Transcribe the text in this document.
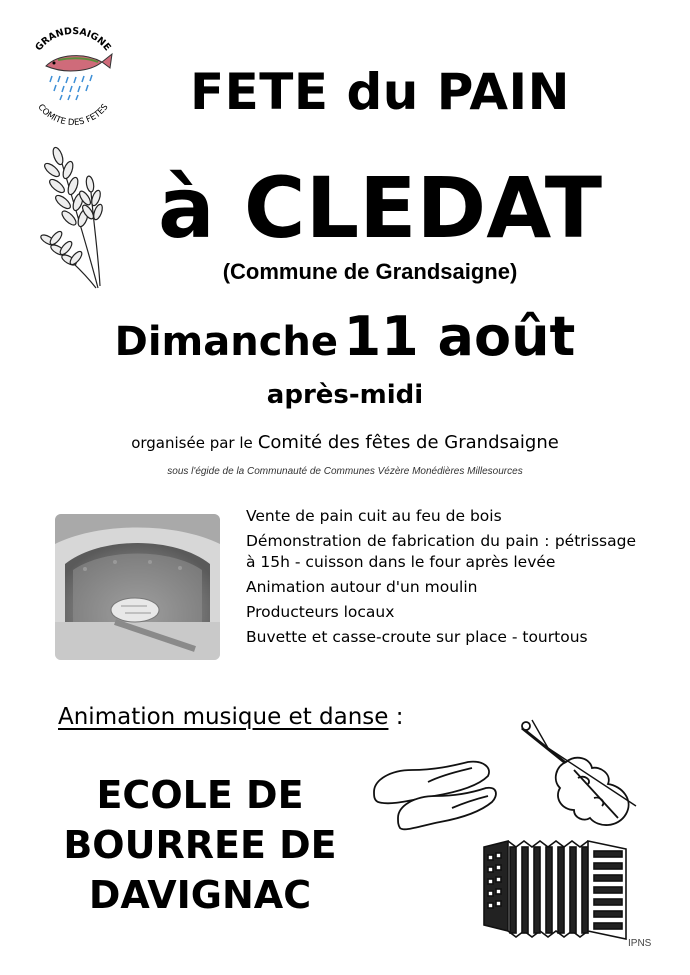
GRANDSAIGNE
COMITE DES FETES	FETE du PAIN
à CLEDAT
(Commune de Grandsaigne)
Dimanche 11 août
après-midi
organisée par le Comité des fêtes de Grandsaigne
sous l'égide de la Communauté de Communes Vézère Monédières Millesources
Vente de pain cuit au feu de bois
Démonstration de fabrication du pain : pétrissage à 15h - cuisson dans le four après levée
Animation autour d'un moulin
Producteurs locaux
Buvette et casse-croute sur place - tourtous
Animation musique et danse :
ECOLE DE
BOURREE DE
DAVIGNAC
IPNS
